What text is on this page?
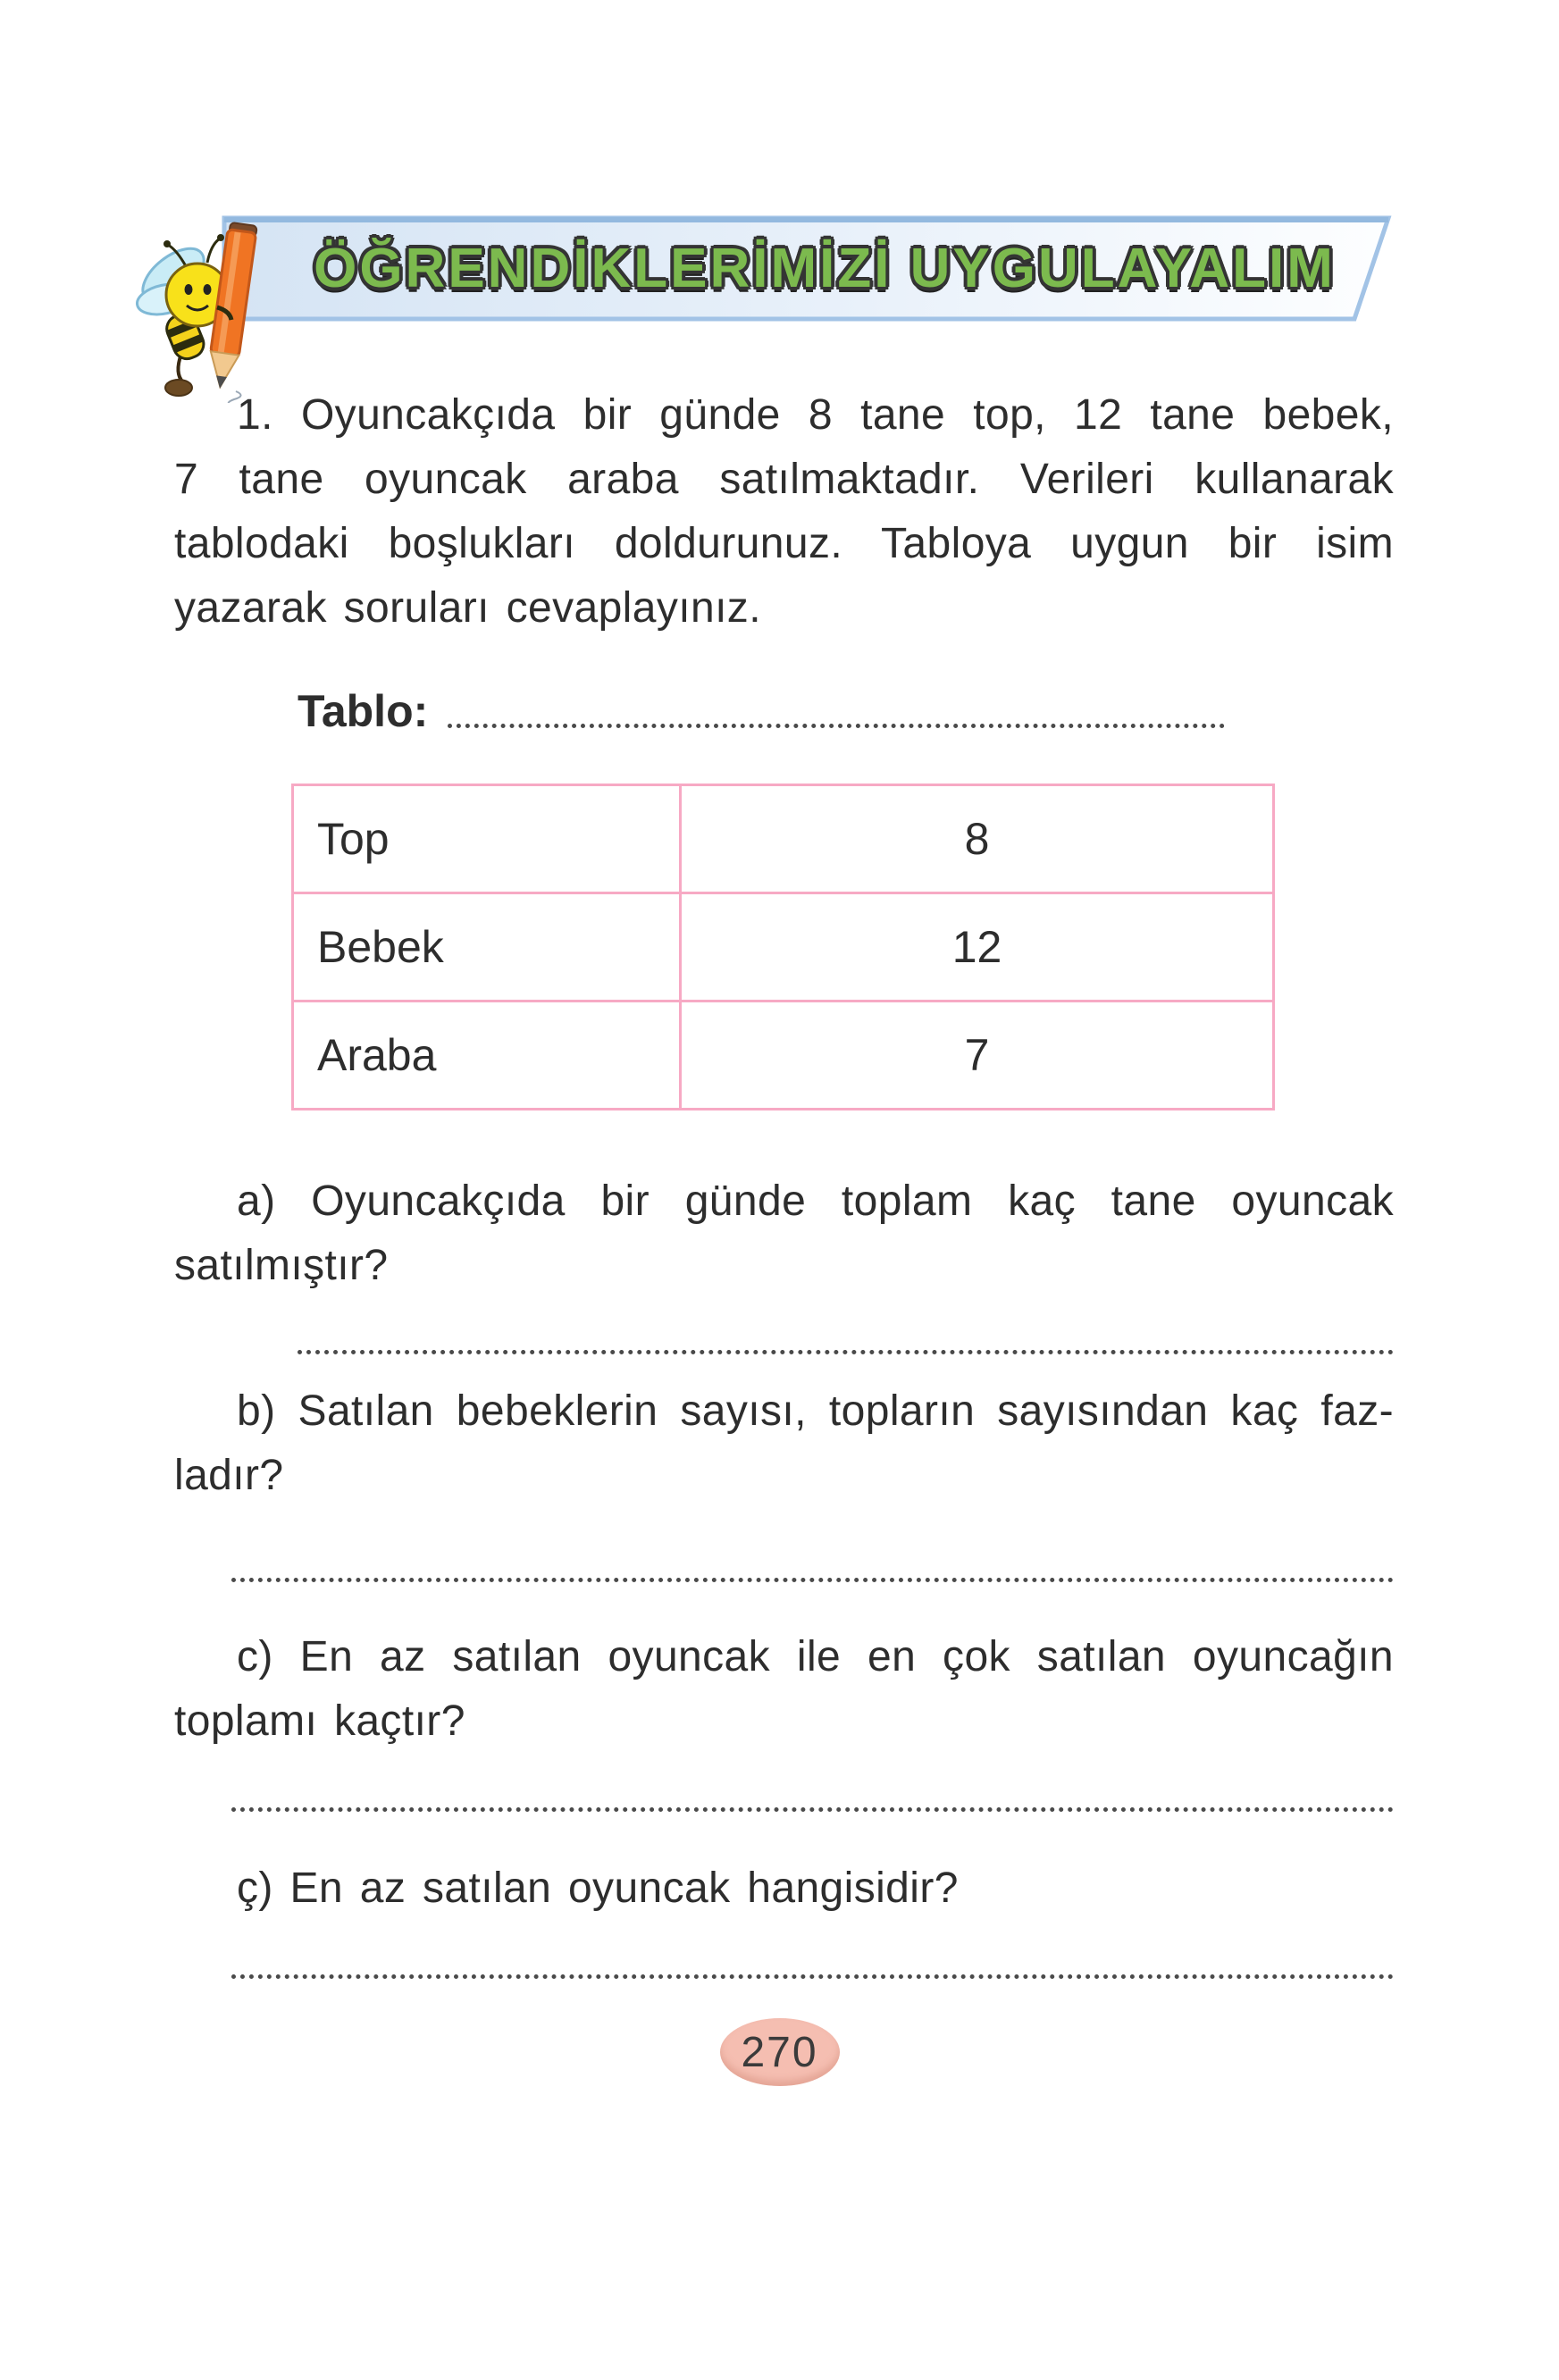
ÖĞRENDİKLERİMİZİ UYGULAYALIM
1. Oyuncakçıda bir günde 8 tane top, 12 tane bebek,
7 tane oyuncak araba satılmaktadır. Verileri kullanarak
tablodaki boşlukları doldurunuz. Tabloya uygun bir isim
yazarak soruları cevaplayınız.
Tablo:
Top	8
Bebek	12
Araba	7
a) Oyuncakçıda bir günde toplam kaç tane oyuncak
satılmıştır?
b) Satılan bebeklerin sayısı, topların sayısından kaç faz-
ladır?
c) En az satılan oyuncak ile en çok satılan oyuncağın
toplamı kaçtır?
ç) En az satılan oyuncak hangisidir?
270
